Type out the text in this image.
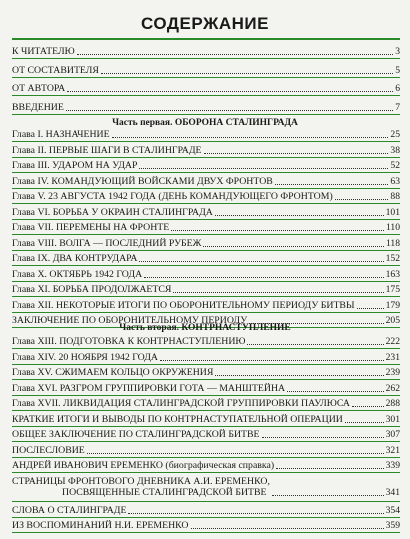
СОДЕРЖАНИЕ
К ЧИТАТЕЛЮ	3
ОТ СОСТАВИТЕЛЯ	5
ОТ АВТОРА	6
ВВЕДЕНИЕ	7
Часть первая. ОБОРОНА СТАЛИНГРАДА
Глава I. НАЗНАЧЕНИЕ	25
Глава II. ПЕРВЫЕ ШАГИ В СТАЛИНГРАДЕ	38
Глава III. УДАРОМ НА УДАР	52
Глава IV. КОМАНДУЮЩИЙ ВОЙСКАМИ ДВУХ ФРОНТОВ	63
Глава V. 23 АВГУСТА 1942 ГОДА (ДЕНЬ КОМАНДУЮЩЕГО ФРОНТОМ)	88
Глава VI. БОРЬБА У ОКРАИН СТАЛИНГРАДА	101
Глава VII. ПЕРЕМЕНЫ НА ФРОНТЕ	110
Глава VIII. ВОЛГА — ПОСЛЕДНИЙ РУБЕЖ	118
Глава IX. ДВА КОНТРУДАРА	152
Глава X. ОКТЯБРЬ 1942 ГОДА	163
Глава XI. БОРЬБА ПРОДОЛЖАЕТСЯ	175
Глава XII. НЕКОТОРЫЕ ИТОГИ ПО ОБОРОНИТЕЛЬНОМУ ПЕРИОДУ БИТВЫ	179
ЗАКЛЮЧЕНИЕ ПО ОБОРОНИТЕЛЬНОМУ ПЕРИОДУ	205
Часть вторая. КОНТРНАСТУПЛЕНИЕ
Глава XIII. ПОДГОТОВКА К КОНТРНАСТУПЛЕНИЮ	222
Глава XIV. 20 НОЯБРЯ 1942 ГОДА	231
Глава XV. СЖИМАЕМ КОЛЬЦО ОКРУЖЕНИЯ	239
Глава XVI. РАЗГРОМ ГРУППИРОВКИ ГОТА — МАНШТЕЙНА	262
Глава XVII. ЛИКВИДАЦИЯ СТАЛИНГРАДСКОЙ ГРУППИРОВКИ ПАУЛЮСА	288
КРАТКИЕ ИТОГИ И ВЫВОДЫ ПО КОНТРНАСТУПАТЕЛЬНОЙ ОПЕРАЦИИ	301
ОБЩЕЕ ЗАКЛЮЧЕНИЕ ПО СТАЛИНГРАДСКОЙ БИТВЕ	307
ПОСЛЕСЛОВИЕ	321
АНДРЕЙ ИВАНОВИЧ ЕРЕМЕНКО (биографическая справка)	339
СТРАНИЦЫ ФРОНТОВОГО ДНЕВНИКА А.И. ЕРЕМЕНКО,
ПОСВЯЩЕННЫЕ СТАЛИНГРАДСКОЙ БИТВЕ	341
СЛОВА О СТАЛИНГРАДЕ	354
ИЗ ВОСПОМИНАНИЙ Н.И. ЕРЕМЕНКО	359
